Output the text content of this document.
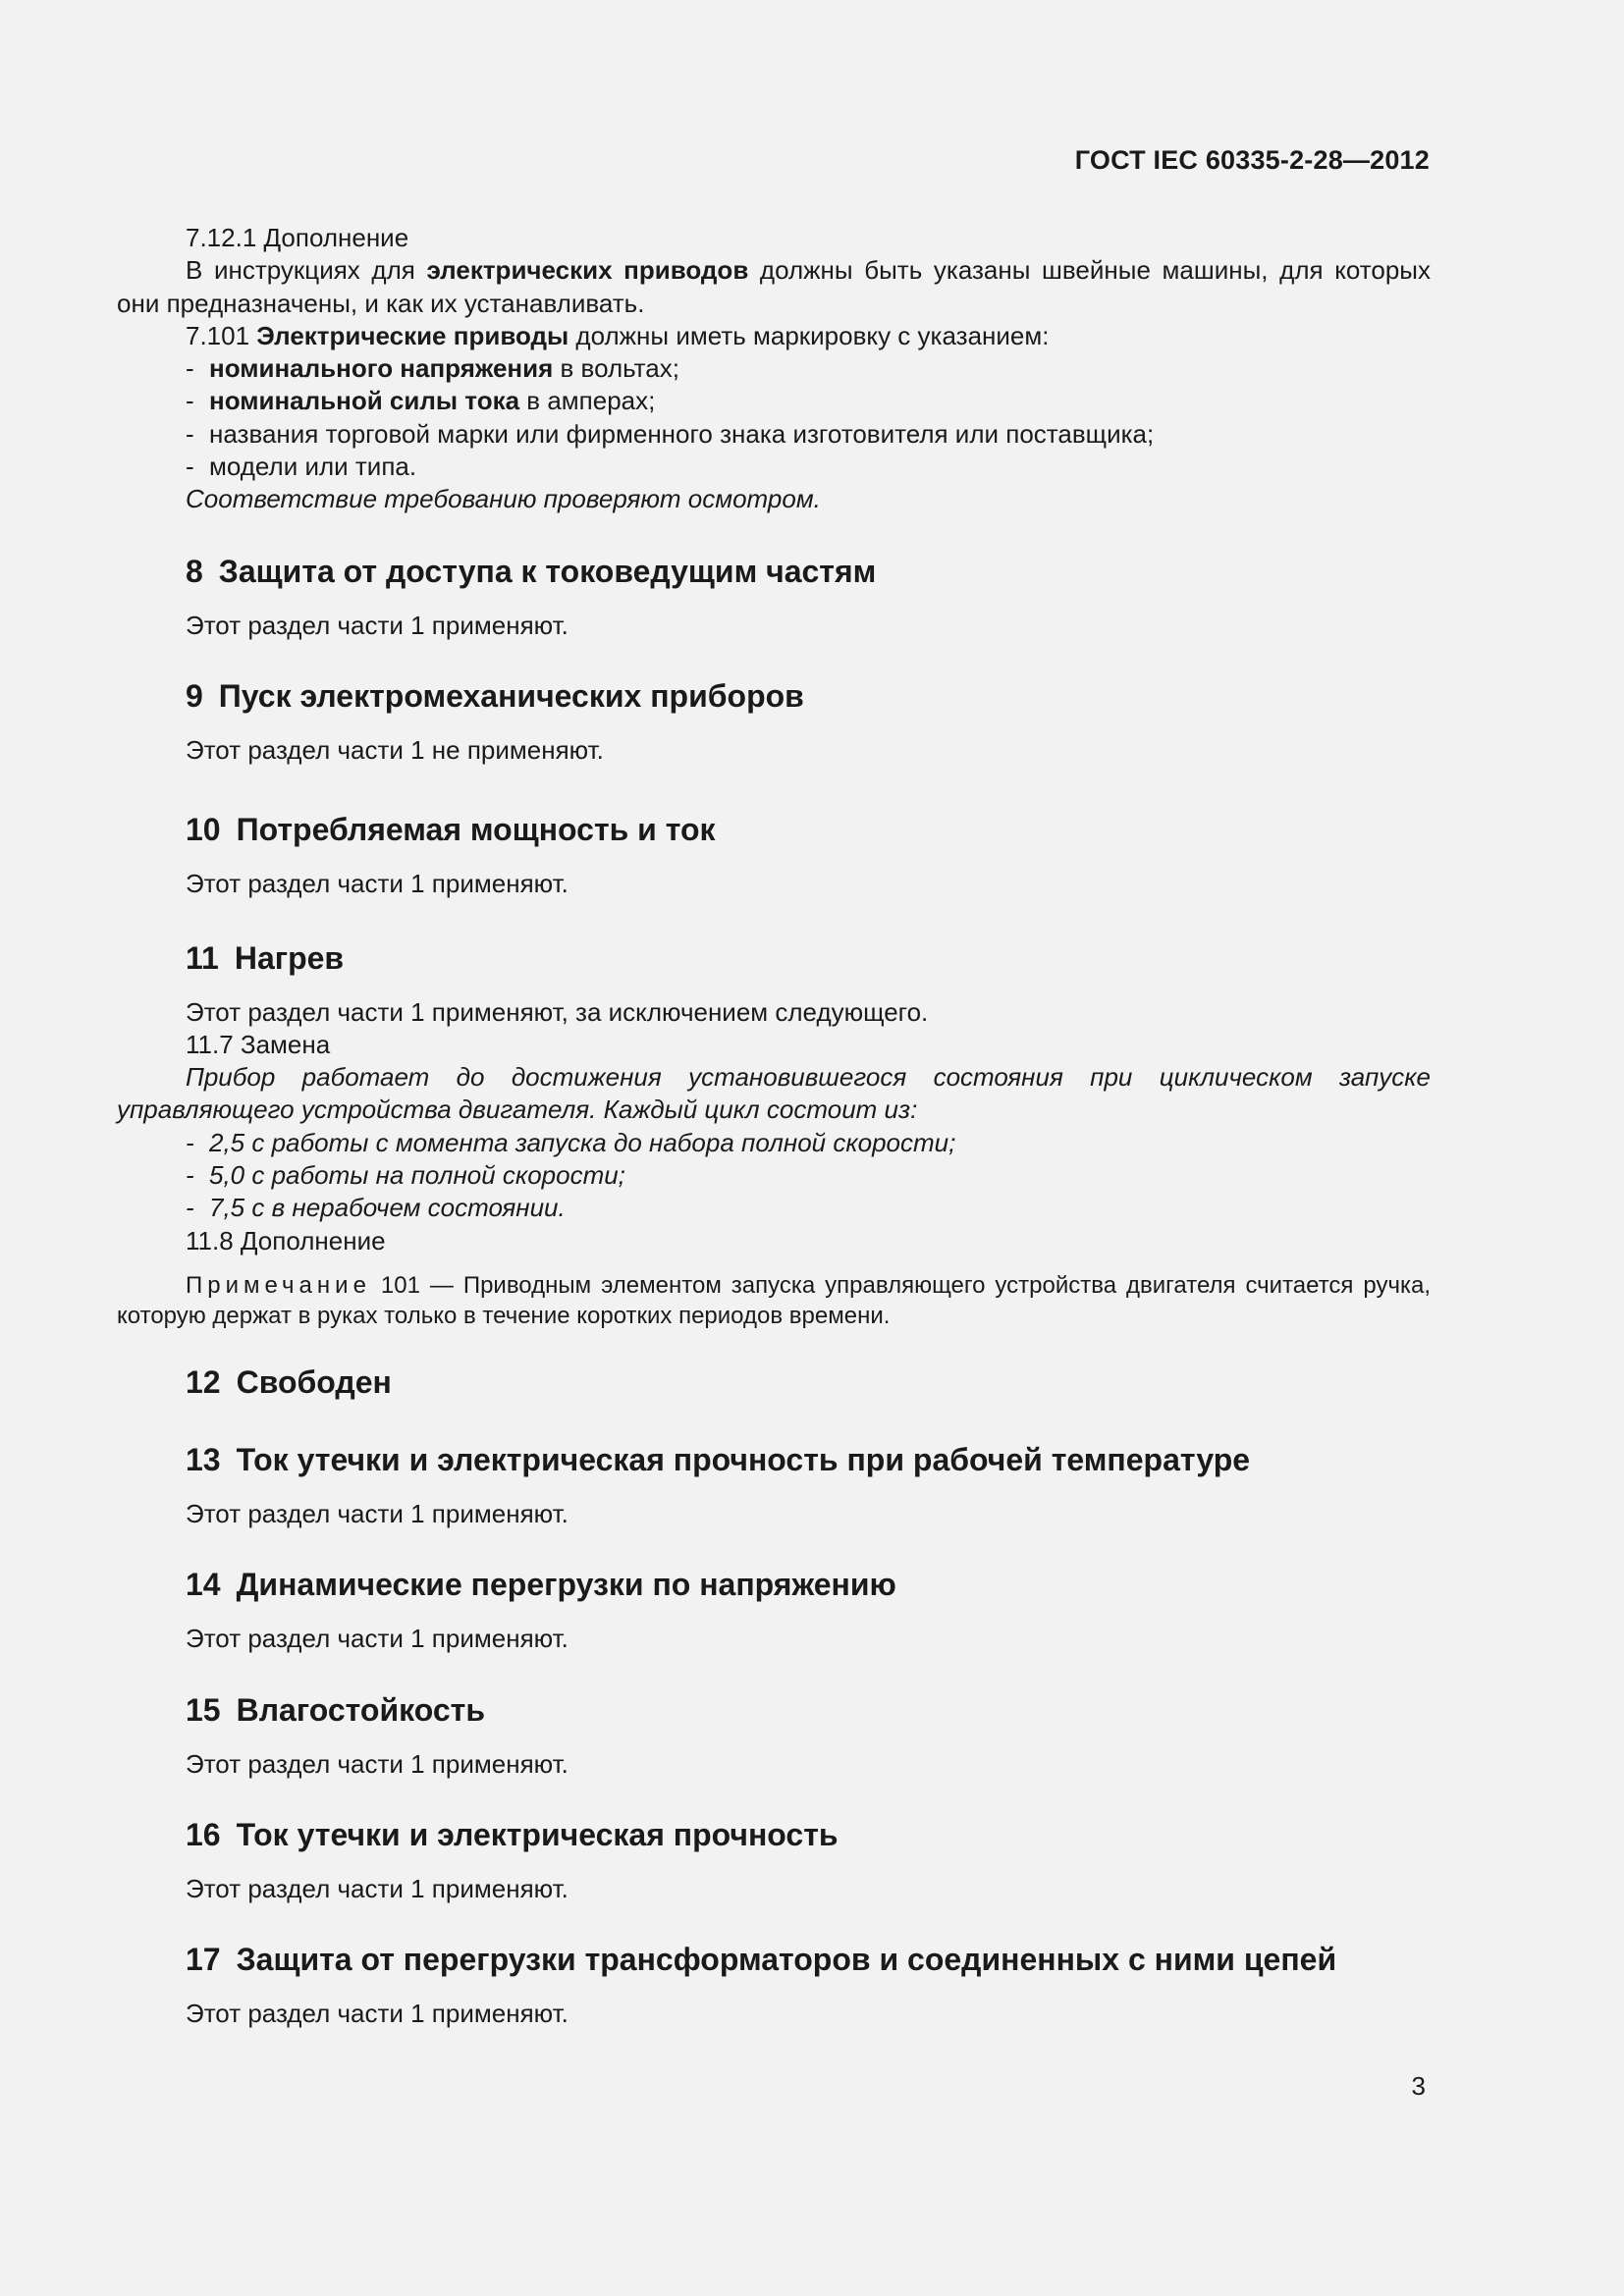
ГОСТ IEC 60335-2-28—2012

7.12.1 Дополнение

В инструкциях для электрических приводов должны быть указаны швейные машины, для которых они предназначены, и как их устанавливать.

7.101 Электрические приводы должны иметь маркировку с указанием:

- номинального напряжения в вольтах;

- номинальной силы тока в амперах;

- названия торговой марки или фирменного знака изготовителя или поставщика;

- модели или типа.

Соответствие требованию проверяют осмотром.

8 Защита от доступа к токоведущим частям

Этот раздел части 1 применяют.

9 Пуск электромеханических приборов

Этот раздел части 1 не применяют.

10 Потребляемая мощность и ток

Этот раздел части 1 применяют.

11 Нагрев

Этот раздел части 1 применяют, за исключением следующего.

11.7 Замена

Прибор работает до достижения установившегося состояния при циклическом запуске управляющего устройства двигателя. Каждый цикл состоит из:

- 2,5 с работы с момента запуска до набора полной скорости;

- 5,0 с работы на полной скорости;

- 7,5 с в нерабочем состоянии.

11.8 Дополнение

Примечание 101 — Приводным элементом запуска управляющего устройства двигателя считается ручка, которую держат в руках только в течение коротких периодов времени.

12 Свободен
13 Ток утечки и электрическая прочность при рабочей температуре

Этот раздел части 1 применяют.

14 Динамические перегрузки по напряжению

Этот раздел части 1 применяют.

15 Влагостойкость

Этот раздел части 1 применяют.

16 Ток утечки и электрическая прочность

Этот раздел части 1 применяют.

17 Защита от перегрузки трансформаторов и соединенных с ними цепей

Этот раздел части 1 применяют.

3
